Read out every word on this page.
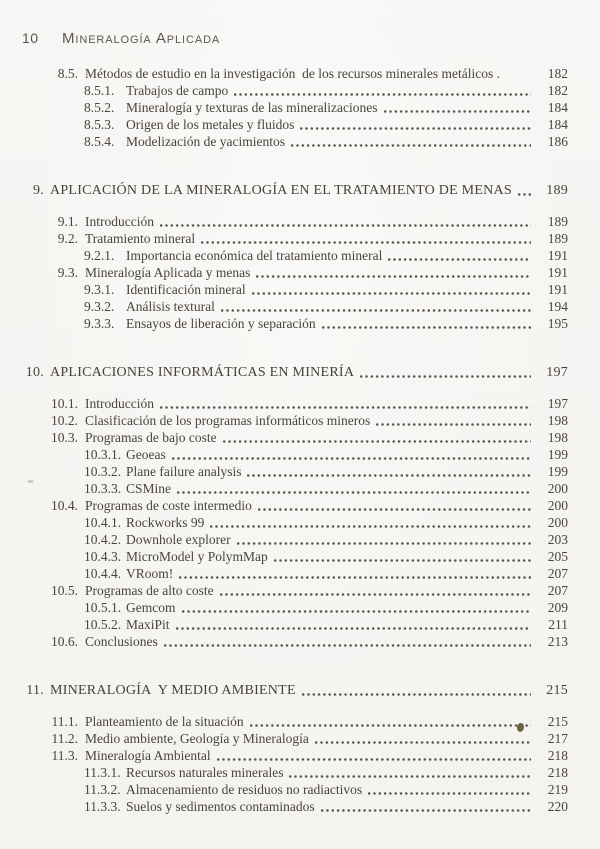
10	Mineralogía Aplicada
8.5. Métodos de estudio en la investigación  de los recursos minerales metálicos .	182
8.5.1. Trabajos de campo	182
8.5.2. Mineralogía y texturas de las mineralizaciones	184
8.5.3. Origen de los metales y fluidos	184
8.5.4. Modelización de yacimientos	186
9. APLICACIÓN DE LA MINERALOGÍA EN EL TRATAMIENTO DE MENAS	189
9.1. Introducción	189
9.2. Tratamiento mineral	189
9.2.1. Importancia económica del tratamiento mineral	191
9.3. Mineralogía Aplicada y menas	191
9.3.1. Identificación mineral	191
9.3.2. Análisis textural	194
9.3.3. Ensayos de liberación y separación	195
10. APLICACIONES INFORMÁTICAS EN MINERÍA	197
10.1. Introducción	197
10.2. Clasificación de los programas informáticos mineros	198
10.3. Programas de bajo coste	198
10.3.1. Geoeas	199
10.3.2. Plane failure analysis	199
10.3.3. CSMine	200
10.4. Programas de coste intermedio	200
10.4.1. Rockworks 99	200
10.4.2. Downhole explorer	203
10.4.3. MicroModel y PolymMap	205
10.4.4. VRoom!	207
10.5. Programas de alto coste	207
10.5.1. Gemcom	209
10.5.2. MaxiPit	211
10.6. Conclusiones	213
11. MINERALOGÍA  Y MEDIO AMBIENTE	215
11.1. Planteamiento de la situación	215
11.2. Medio ambiente, Geología y Mineralogía	217
11.3. Mineralogía Ambiental	218
11.3.1. Recursos naturales minerales	218
11.3.2. Almacenamiento de residuos no radiactivos	219
11.3.3. Suelos y sedimentos contaminados	220
